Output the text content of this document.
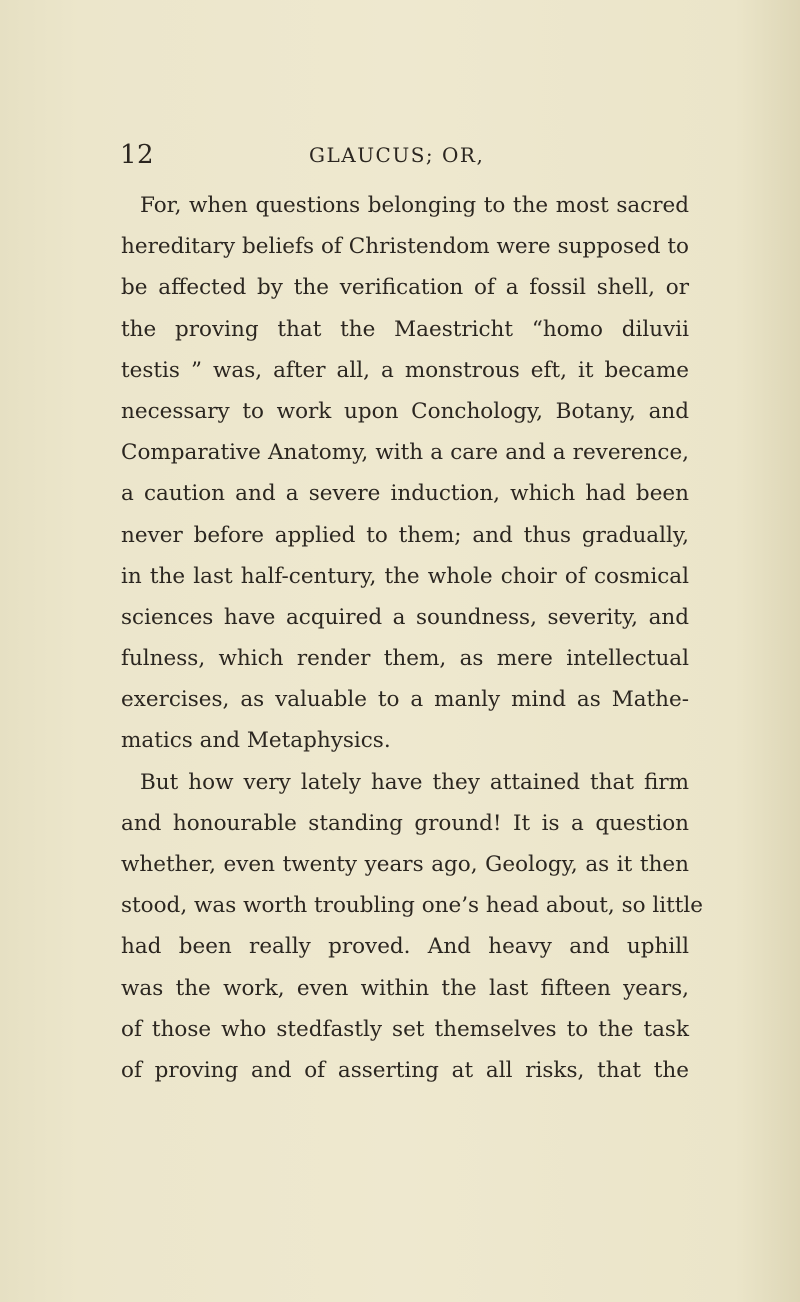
12	GLAUCUS; OR,
For, when questions belonging to the most sacred
hereditary beliefs of Christendom were supposed to
be affected by the verification of a fossil shell, or
the proving that the Maestricht “homo diluvii
testis ” was, after all, a monstrous eft, it became
necessary to work upon Conchology, Botany, and
Comparative Anatomy, with a care and a reverence,
a caution and a severe induction, which had been
never before applied to them; and thus gradually,
in the last half-century, the whole choir of cosmical
sciences have acquired a soundness, severity, and
fulness, which render them, as mere intellectual
exercises, as valuable to a manly mind as Mathe-
matics and Metaphysics.
But how very lately have they attained that firm
and honourable standing ground! It is a question
whether, even twenty years ago, Geology, as it then
stood, was worth troubling one’s head about, so little
had been really proved. And heavy and uphill
was the work, even within the last fifteen years,
of those who stedfastly set themselves to the task
of proving and of asserting at all risks, that the
